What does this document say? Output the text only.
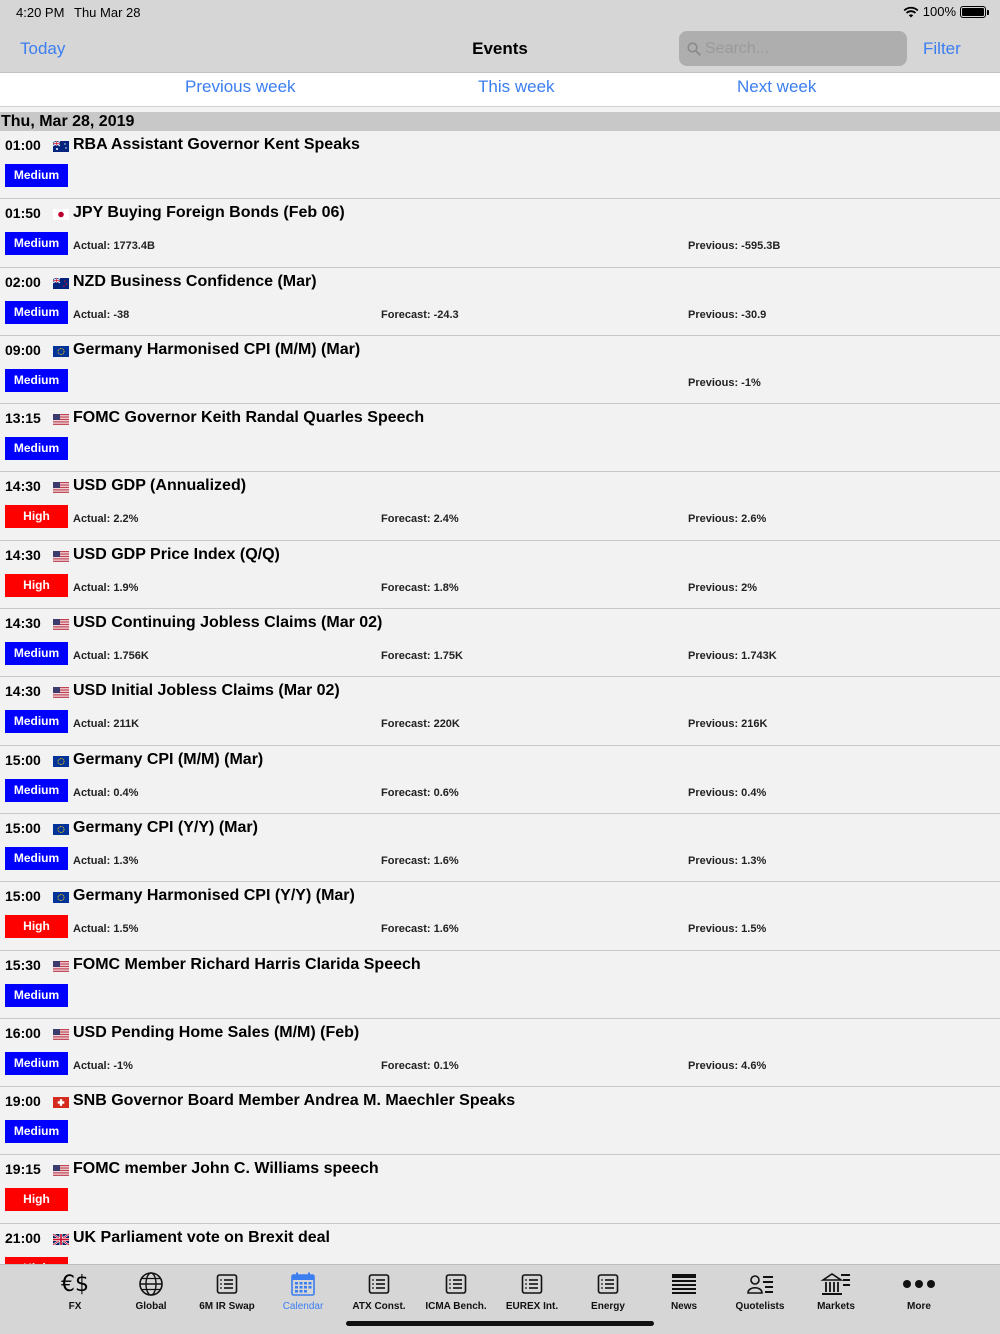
4:20 PM Thu Mar 28	100%
Today	Events
Search...	Filter
Previous week	This week	Next week
Thu, Mar 28, 2019
01:00 RBA Assistant Governor Kent Speaks
Medium
01:50 JPY Buying Foreign Bonds (Feb 06)
Medium	Actual: 1773.4B	Previous: -595.3B
02:00 NZD Business Confidence (Mar)
Medium	Actual: -38	Forecast: -24.3	Previous: -30.9
09:00 Germany Harmonised CPI (M/M) (Mar)
Medium	Previous: -1%
13:15 FOMC Governor Keith Randal Quarles Speech
Medium
14:30 USD GDP (Annualized)
High	Actual: 2.2%	Forecast: 2.4%	Previous: 2.6%
14:30 USD GDP Price Index (Q/Q)
High	Actual: 1.9%	Forecast: 1.8%	Previous: 2%
14:30 USD Continuing Jobless Claims (Mar 02)
Medium	Actual: 1.756K	Forecast: 1.75K	Previous: 1.743K
14:30 USD Initial Jobless Claims (Mar 02)
Medium	Actual: 211K	Forecast: 220K	Previous: 216K
15:00 Germany CPI (M/M) (Mar)
Medium	Actual: 0.4%	Forecast: 0.6%	Previous: 0.4%
15:00 Germany CPI (Y/Y) (Mar)
Medium	Actual: 1.3%	Forecast: 1.6%	Previous: 1.3%
15:00 Germany Harmonised CPI (Y/Y) (Mar)
High	Actual: 1.5%	Forecast: 1.6%	Previous: 1.5%
15:30 FOMC Member Richard Harris Clarida Speech
Medium
16:00 USD Pending Home Sales (M/M) (Feb)
Medium	Actual: -1%	Forecast: 0.1%	Previous: 4.6%
19:00 SNB Governor Board Member Andrea M. Maechler Speaks
Medium
19:15 FOMC member John C. Williams speech
High
21:00 UK Parliament vote on Brexit deal
€$
FX	Global	6M IR Swap	Calendar	ATX Const.	ICMA Bench.	EUREX Int.	Energy	News	Quotelists	Markets	More
